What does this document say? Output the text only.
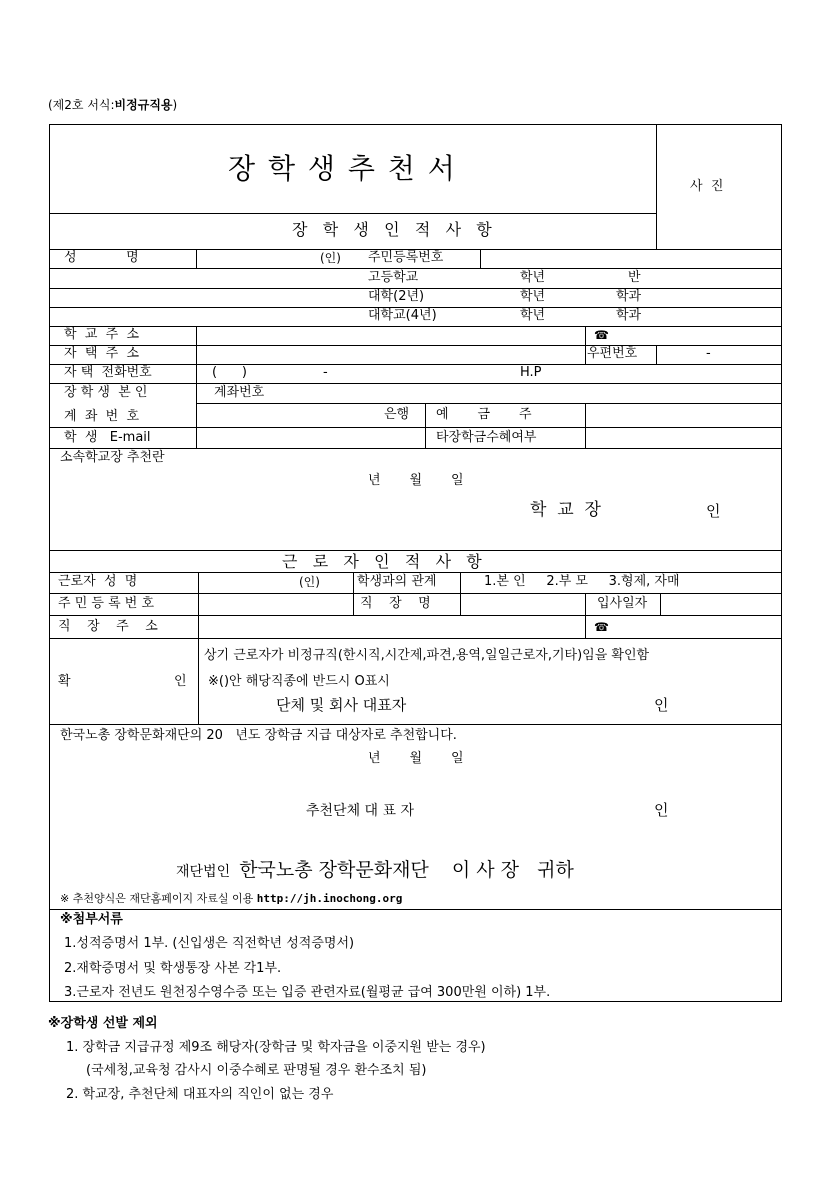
(제2호 서식:비정규직용)
장 학 생 추 천 서
사  진
장   학   생   인   적   사   항
성            명	(인) 주민등록번호
고등학교	학년	반
대학(2년)	학년	학과
대학교(4년)	학년	학과
학  교  주  소	☎
자  택  주  소	우편번호	-
자 택  전화번호	(      )	-	H.P
장 학 생  본 인	계좌번호
계  좌  번  호	은행 예       금       주
학  생   E-mail	타장학금수혜여부
소속학교장 추천란
년       월       일
학  교  장	인
근   로   자   인   적   사   항
근로자  성  명	(인)	학생과의 관계	1.본 인     2.부 모     3.형제, 자매
주 민 등 록 번 호	직    장    명	입사일자
직    장    주    소	☎
확	인
상기 근로자가 비정규직(한시직,시간제,파견,용역,일일근로자,기타)임을 확인함
※()안 해당직종에 반드시 O표시
단체 및 회사 대표자	인
한국노총 장학문화재단의 20   년도 장학금 지급 대상자로 추천합니다.
년       월       일
추천단체 대 표 자	인
재단법인 한국노총 장학문화재단 이 사 장   귀하
※ 추천양식은 재단홈페이지 자료실 이용 http://jh.inochong.org
※첨부서류
1.성적증명서 1부. (신입생은 직전학년 성적증명서)
2.재학증명서 및 학생통장 사본 각1부.
3.근로자 전년도 원천징수영수증 또는 입증 관련자료(월평균 급여 300만원 이하) 1부.
※장학생 선발 제외
1. 장학금 지급규정 제9조 해당자(장학금 및 학자금을 이중지원 받는 경우)
(국세청,교육청 감사시 이중수혜로 판명될 경우 환수조치 됨)
2. 학교장, 추천단체 대표자의 직인이 없는 경우
